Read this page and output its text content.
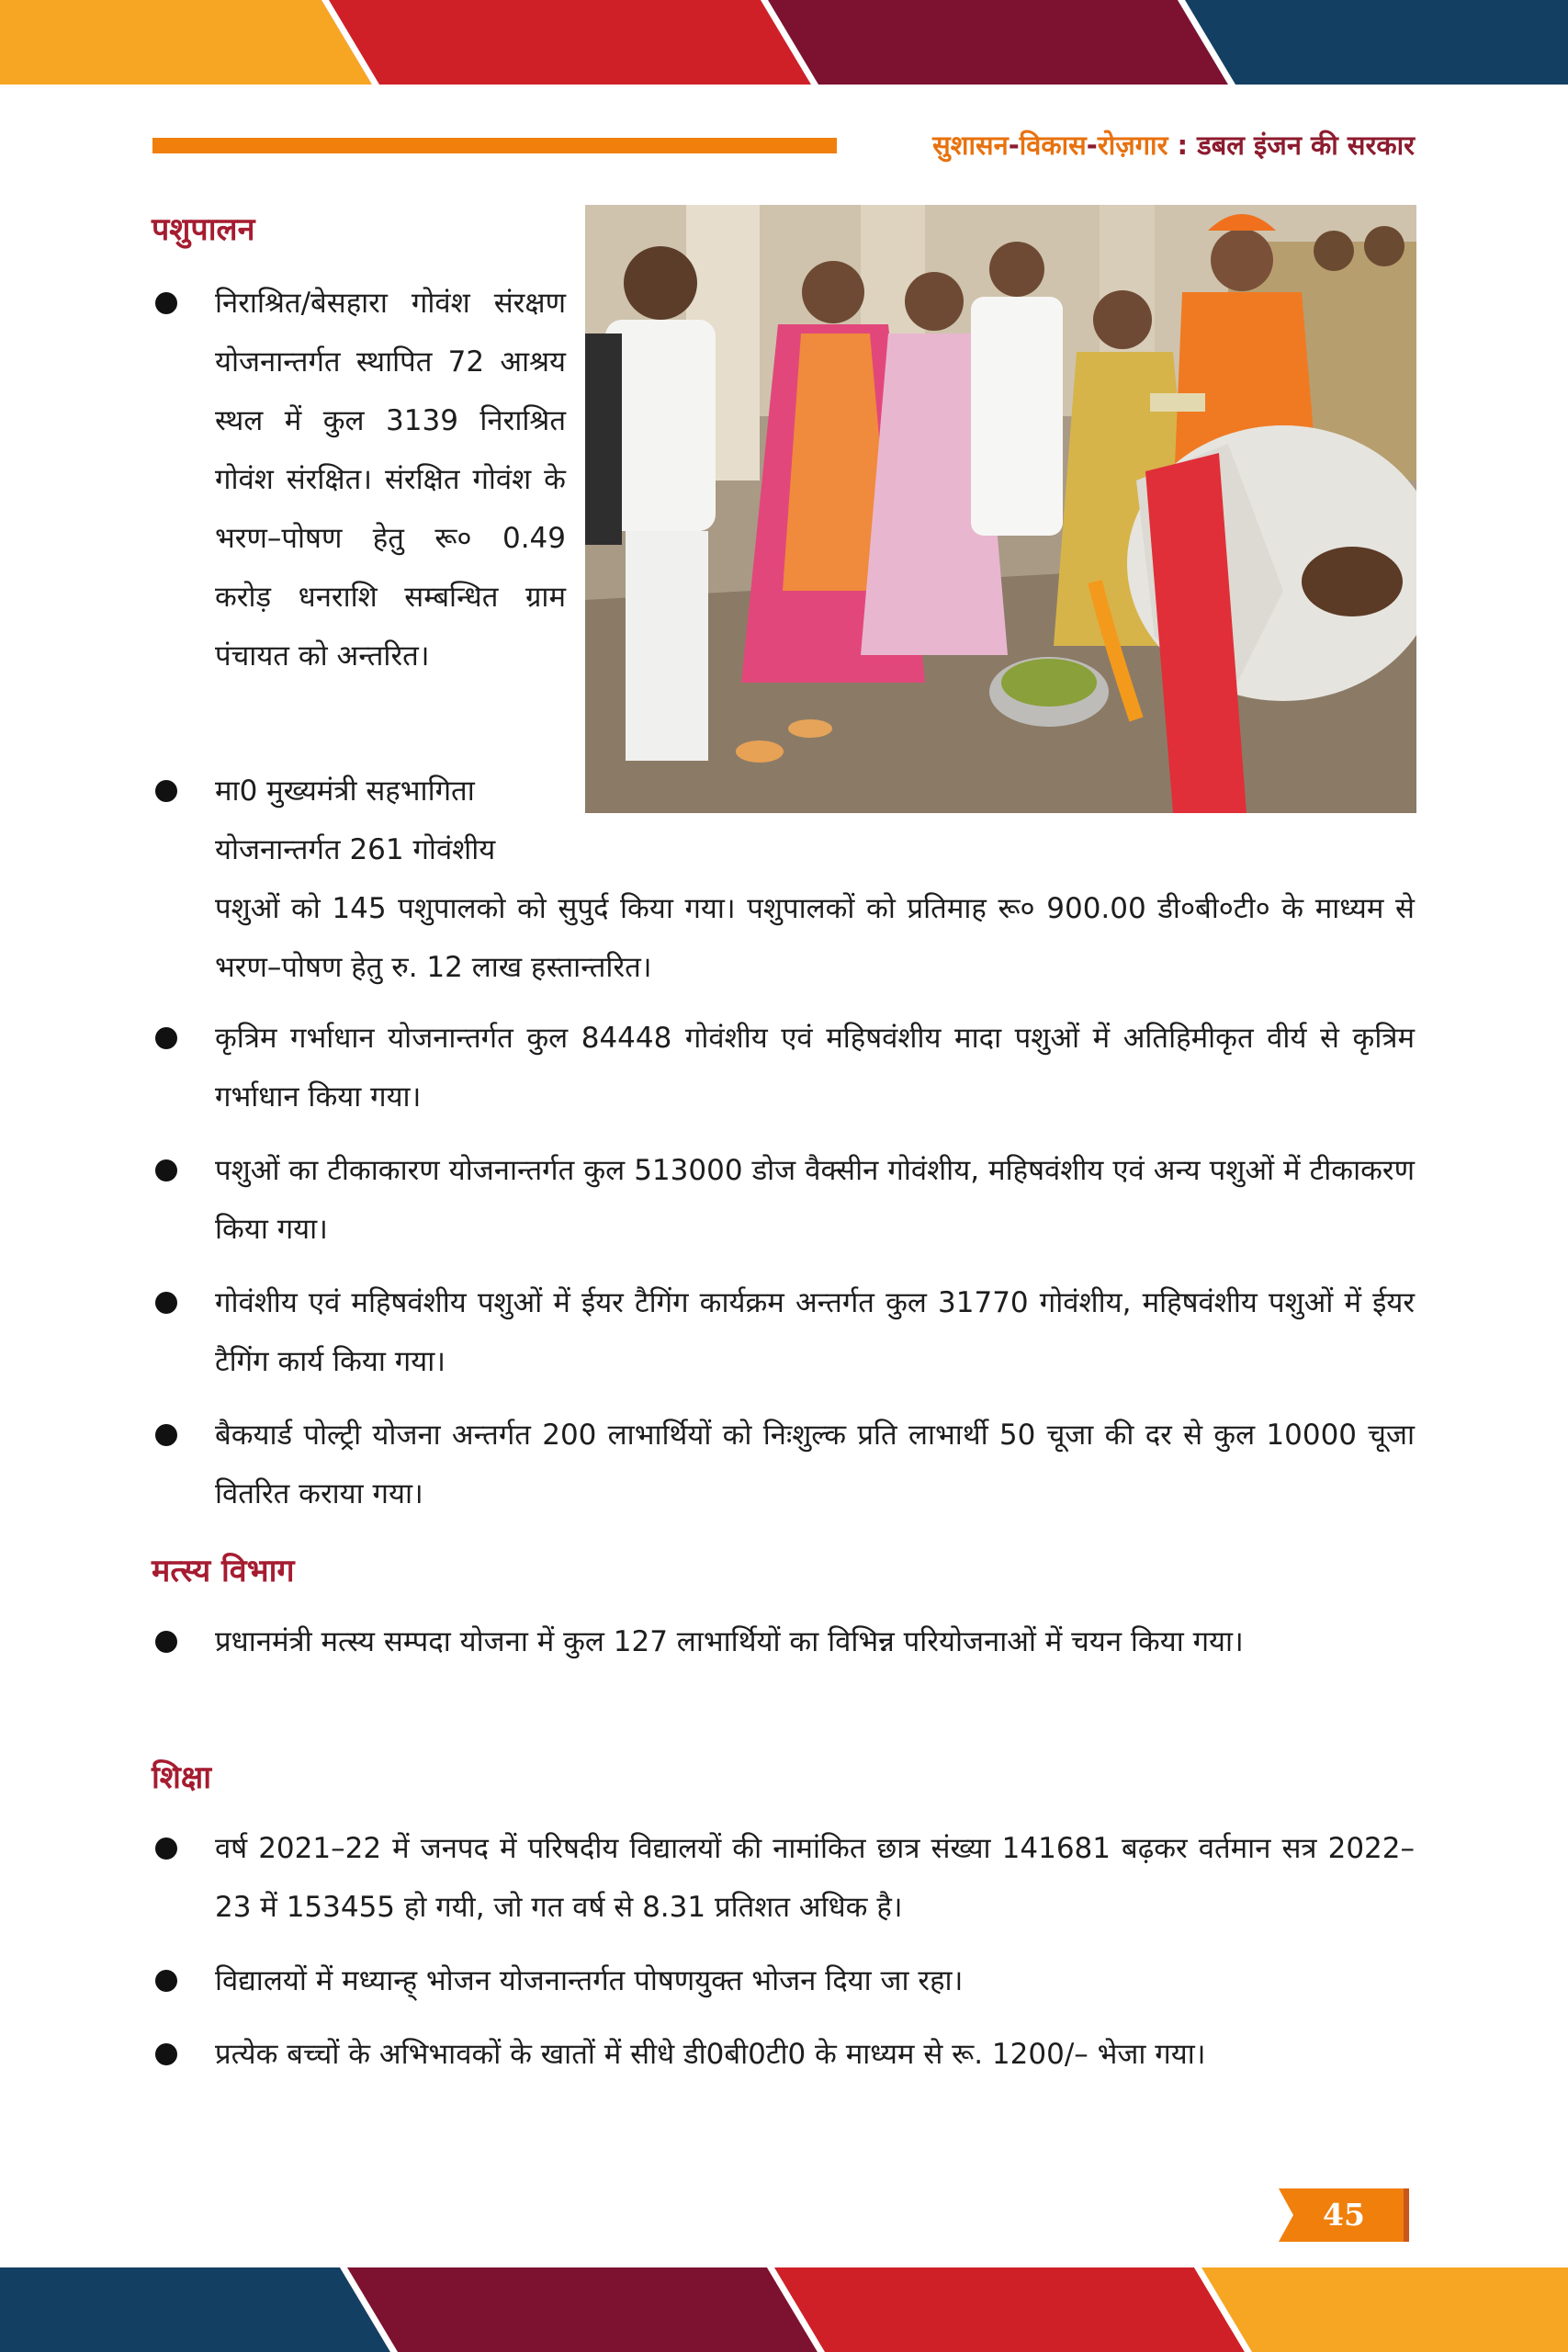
सुशासन-विकास-रोज़गार : डबल इंजन की सरकार
पशुपालन

निराश्रित/बेसहारा गोवंश संरक्षण योजनान्तर्गत स्थापित 72 आश्रय स्थल में कुल 3139 निराश्रित गोवंश संरक्षित। संरक्षित गोवंश के भरण–पोषण हेतु रू० 0.49 करोड़ धनराशि सम्बन्धित ग्राम पंचायत को अन्तरित।

मा0 मुख्यमंत्री सहभागिता योजनान्तर्गत 261 गोवंशीय

पशुओं को 145 पशुपालको को सुपुर्द किया गया। पशुपालकों को प्रतिमाह रू० 900.00 डी०बी०टी० के माध्यम से भरण–पोषण हेतु रु. 12 लाख हस्तान्तरित।

कृत्रिम गर्भाधान योजनान्तर्गत कुल 84448 गोवंशीय एवं महिषवंशीय मादा पशुओं में अतिहिमीकृत वीर्य से कृत्रिम गर्भाधान किया गया।

पशुओं का टीकाकारण योजनान्तर्गत कुल 513000 डोज वैक्सीन गोवंशीय, महिषवंशीय एवं अन्य पशुओं में टीकाकरण किया गया।

गोवंशीय एवं महिषवंशीय पशुओं में ईयर टैगिंग कार्यक्रम अन्तर्गत कुल 31770 गोवंशीय, महिषवंशीय पशुओं में ईयर टैगिंग कार्य किया गया।

बैकयार्ड पोल्ट्री योजना अन्तर्गत 200 लाभार्थियों को निःशुल्क प्रति लाभार्थी 50 चूजा की दर से कुल 10000 चूजा वितरित कराया गया।

मत्स्य विभाग

प्रधानमंत्री मत्स्य सम्पदा योजना में कुल 127 लाभार्थियों का विभिन्न परियोजनाओं में चयन किया गया।

शिक्षा

वर्ष 2021–22 में जनपद में परिषदीय विद्यालयों की नामांकित छात्र संख्या 141681 बढ़कर वर्तमान सत्र 2022–23 में 153455 हो गयी, जो गत वर्ष से 8.31 प्रतिशत अधिक है।

विद्यालयों में मध्यान्ह् भोजन योजनान्तर्गत पोषणयुक्त भोजन दिया जा रहा।

प्रत्येक बच्चों के अभिभावकों के खातों में सीधे डी0बी0टी0 के माध्यम से रू. 1200/– भेजा गया।

45
